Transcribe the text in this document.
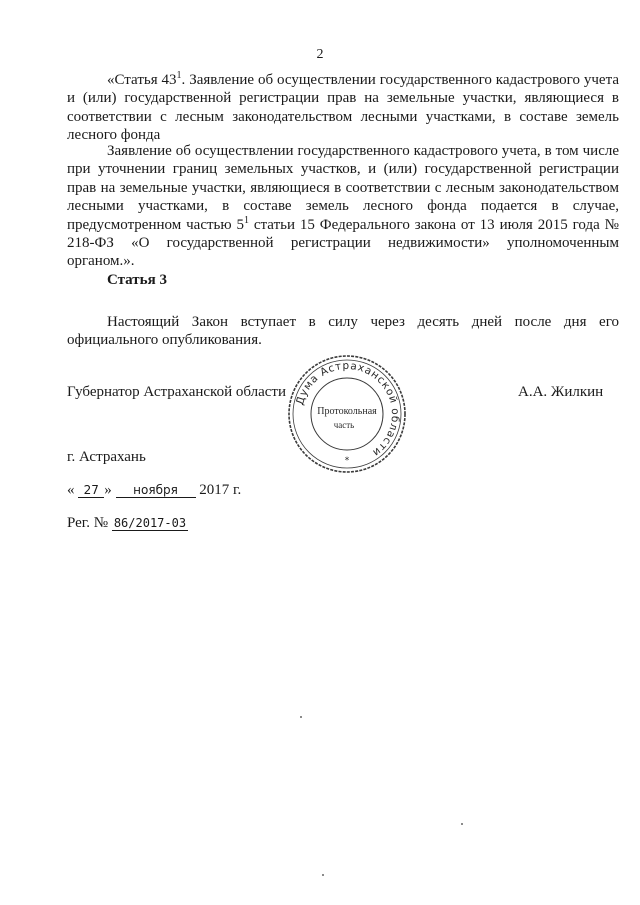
2

«Статья $43^1$. Заявление об осуществлении государственного кадастрового учета и (или) государственной регистрации прав на земельные участки, являющиеся в соответствии с лесным законодательством лесными участками, в составе земель лесного фонда

Заявление об осуществлении государственного кадастрового учета, в том числе при уточнении границ земельных участков, и (или) государственной регистрации прав на земельные участки, являющиеся в соответствии с лесным законодательством лесными участками, в составе земель лесного фонда подается в случае, предусмотренном частью $5^1$ статьи 15 Федерального закона от 13 июля 2015 года № 218-ФЗ «О государственной регистрации недвижимости» уполномоченным органом.».

Статья 3

Настоящий Закон вступает в силу через десять дней после дня его официального опубликования.

Губернатор Астраханской области	А.А. Жилкин
Дума Астраханской области
Протокольная
часть
*
г. Астрахань
« 27 » ноября 2017 г.
Рег. № 86/2017-03
